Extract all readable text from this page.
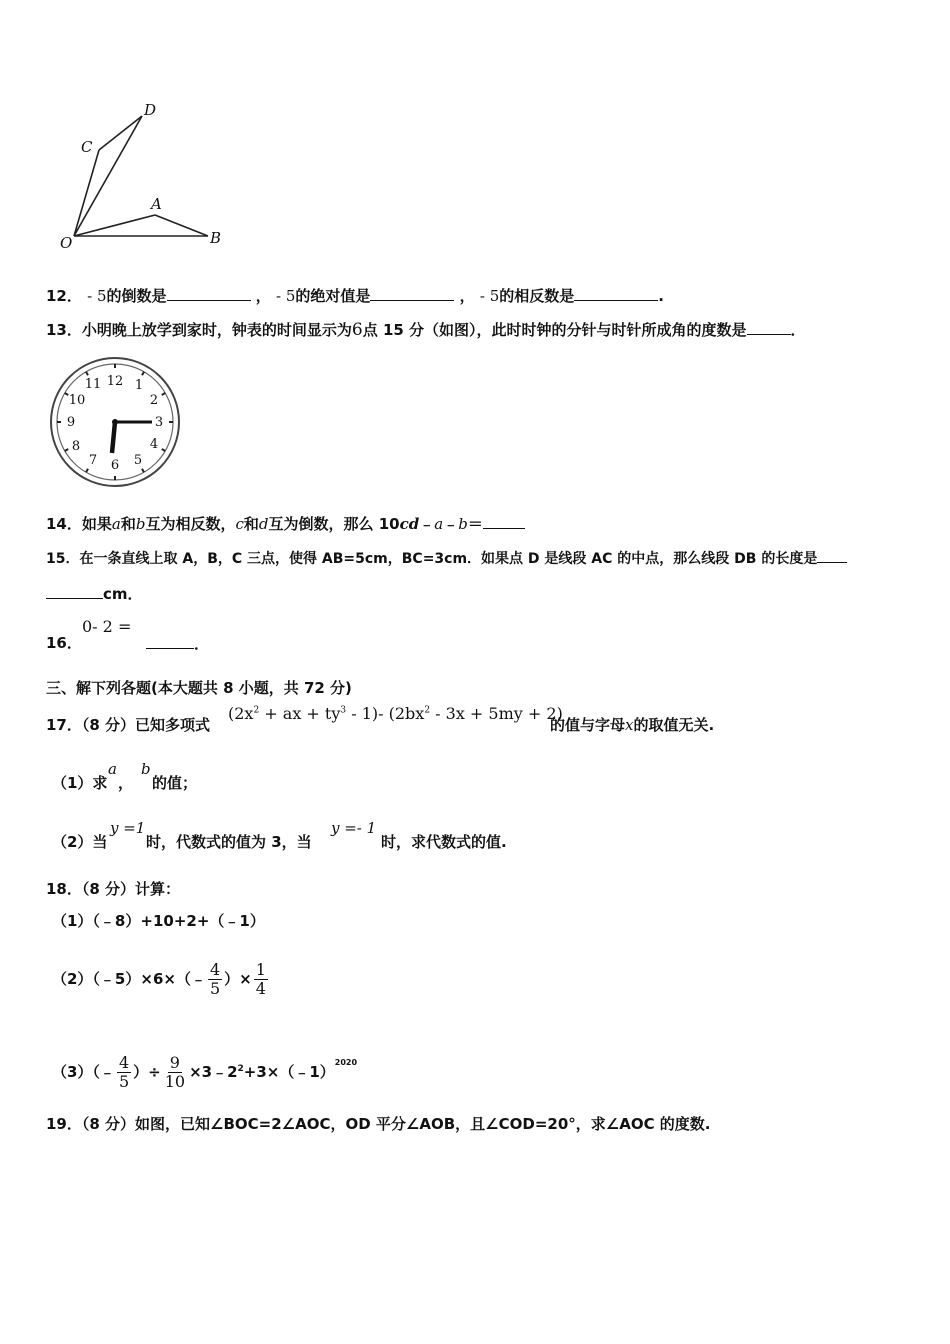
D
C
A
O	B
12． - 5的倒数是	， - 5的绝对值是	， - 5的相反数是	.
13．小明晚上放学到家时，钟表的时间显示为6点 15 分（如图），此时时钟的分针与时针所成角的度数是	．
12 1
2
3
4
5
6
7
8
9
10
11
14．如果a和b互为相反数，c和d互为倒数，那么 10cd﹣a﹣b＝
15．在一条直线上取 A，B，C 三点，使得 AB=5cm，BC=3cm．如果点 D 是线段 AC 的中点，那么线段 DB 的长度是
cm．
16．
0- 2 =
．
三、解下列各题(本大题共 8 小题，共 72 分)
17．（8 分）已知多项式
($2x^2$ + ax + $ty^3 - 1)-$ $(2bx^2 - 3x + 5my + 2)$
的值与字母x的取值无关.
（1）求
a
，
b
的值；
（2）当
y =1
时，代数式的值为 3，当
y =- 1
时，求代数式的值.
18．（8 分）计算：
（1）（﹣8）+10+2+（﹣1）
（2）（﹣5）×6×（﹣ $\frac{4}{5}$ ）× $\frac{1}{4}$
（3）（﹣ $\frac{4}{5}$ ）÷ $\frac{9}{10}$ $\times 3﹣2^2+3\times(﹣1)^{2020}$
19．（8 分）如图，已知∠BOC=2∠AOC，OD 平分∠AOB，且∠COD=20°，求∠AOC 的度数.
